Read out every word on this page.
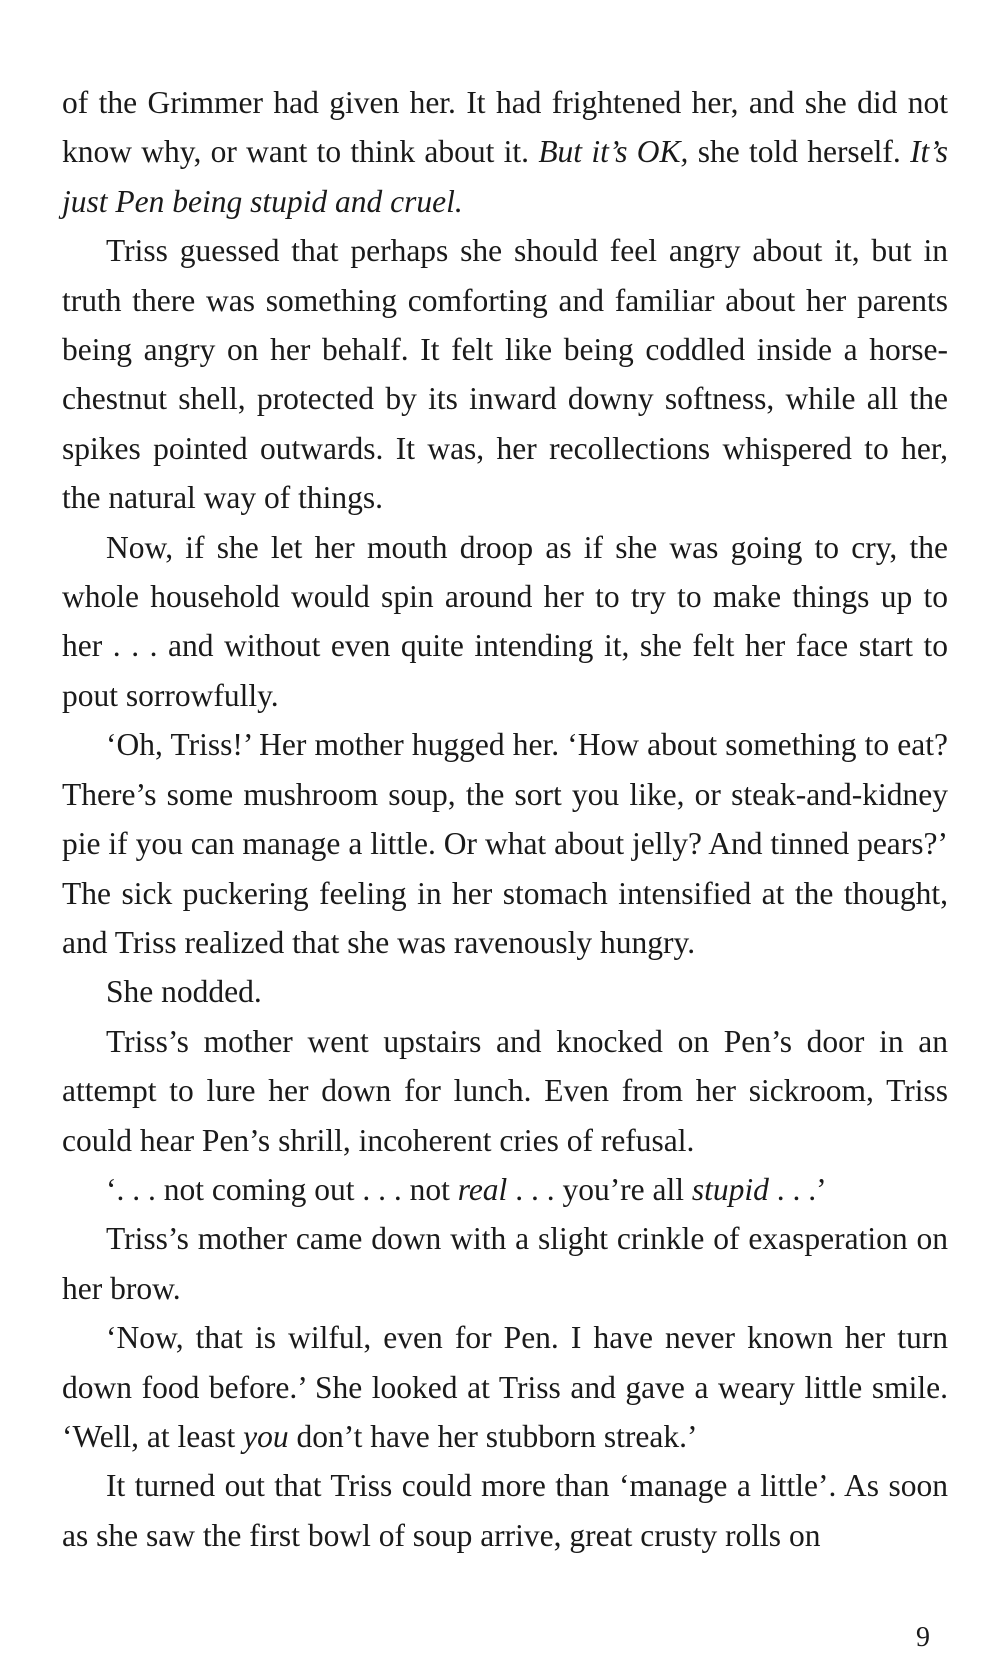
of the Grimmer had given her. It had frightened her, and she did not know why, or want to think about it. But it’s OK, she told herself. It’s just Pen being stupid and cruel.

Triss guessed that perhaps she should feel angry about it, but in truth there was something comforting and familiar about her parents being angry on her behalf. It felt like being coddled inside a horse-chestnut shell, protected by its inward downy softness, while all the spikes pointed outwards. It was, her recollections whispered to her, the natural way of things.

Now, if she let her mouth droop as if she was going to cry, the whole household would spin around her to try to make things up to her . . . and without even quite intending it, she felt her face start to pout sorrowfully.

‘Oh, Triss!’ Her mother hugged her. ‘How about something to eat? There’s some mushroom soup, the sort you like, or steak-and-kidney pie if you can manage a little. Or what about jelly? And tinned pears?’ The sick puckering feeling in her stomach intensified at the thought, and Triss realized that she was ravenously hungry.

She nodded.

Triss’s mother went upstairs and knocked on Pen’s door in an attempt to lure her down for lunch. Even from her sickroom, Triss could hear Pen’s shrill, incoherent cries of refusal.

‘. . . not coming out . . . not real . . . you’re all stupid . . .’

Triss’s mother came down with a slight crinkle of exasperation on her brow.

‘Now, that is wilful, even for Pen. I have never known her turn down food before.’ She looked at Triss and gave a weary little smile. ‘Well, at least you don’t have her stubborn streak.’

It turned out that Triss could more than ‘manage a little’. As soon as she saw the first bowl of soup arrive, great crusty rolls on

9
